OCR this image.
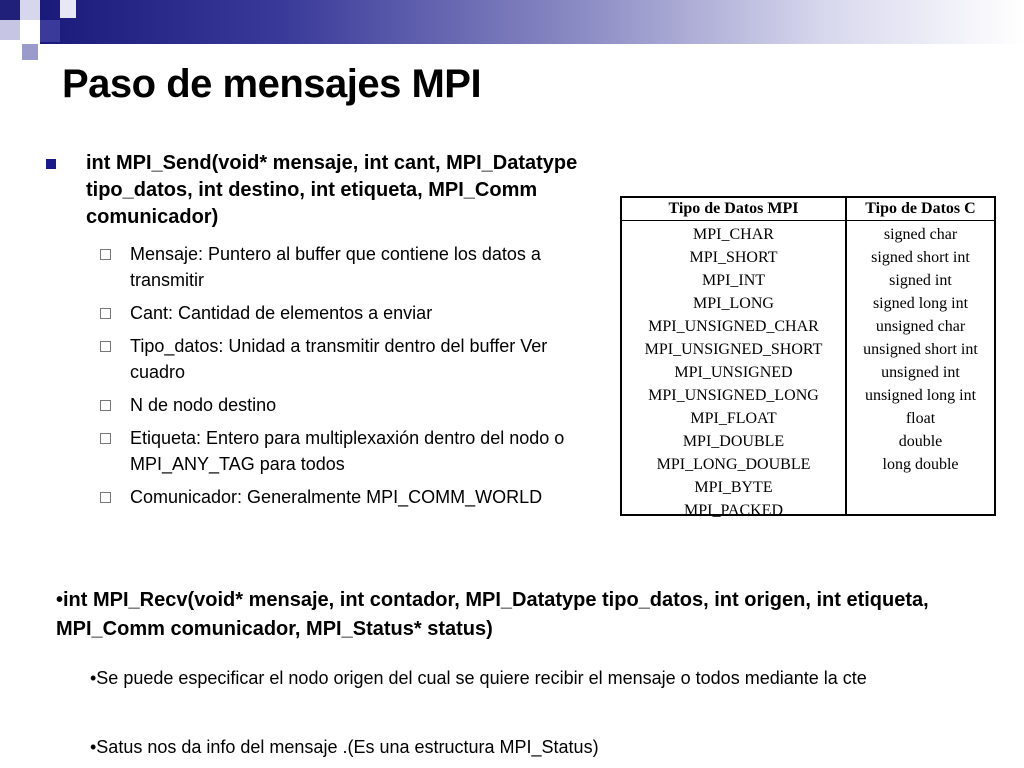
Paso de mensajes MPI
int MPI_Send(void* mensaje, int cant, MPI_Datatype tipo_datos, int destino, int etiqueta, MPI_Comm comunicador)
Mensaje: Puntero al buffer que contiene los datos a transmitir
Cant: Cantidad de elementos a enviar
Tipo_datos: Unidad a transmitir dentro del buffer Ver cuadro
N de nodo destino
Etiqueta: Entero para multiplexaxión dentro del nodo o MPI_ANY_TAG para todos
Comunicador: Generalmente MPI_COMM_WORLD
Tipo de Datos MPI	Tipo de Datos C
MPI_CHAR
MPI_SHORT
MPI_INT
MPI_LONG
MPI_UNSIGNED_CHAR
MPI_UNSIGNED_SHORT
MPI_UNSIGNED
MPI_UNSIGNED_LONG
MPI_FLOAT
MPI_DOUBLE
MPI_LONG_DOUBLE
MPI_BYTE
MPI_PACKED
signed char
signed short int
signed int
signed long int
unsigned char
unsigned short int
unsigned int
unsigned long int
float
double
long double
•int MPI_Recv(void* mensaje, int contador, MPI_Datatype tipo_datos, int origen, int etiqueta, MPI_Comm comunicador, MPI_Status* status)
•Se puede especificar el nodo origen del cual se quiere recibir el mensaje o todos mediante la cte
•Satus nos da info del mensaje .(Es una estructura MPI_Status)
